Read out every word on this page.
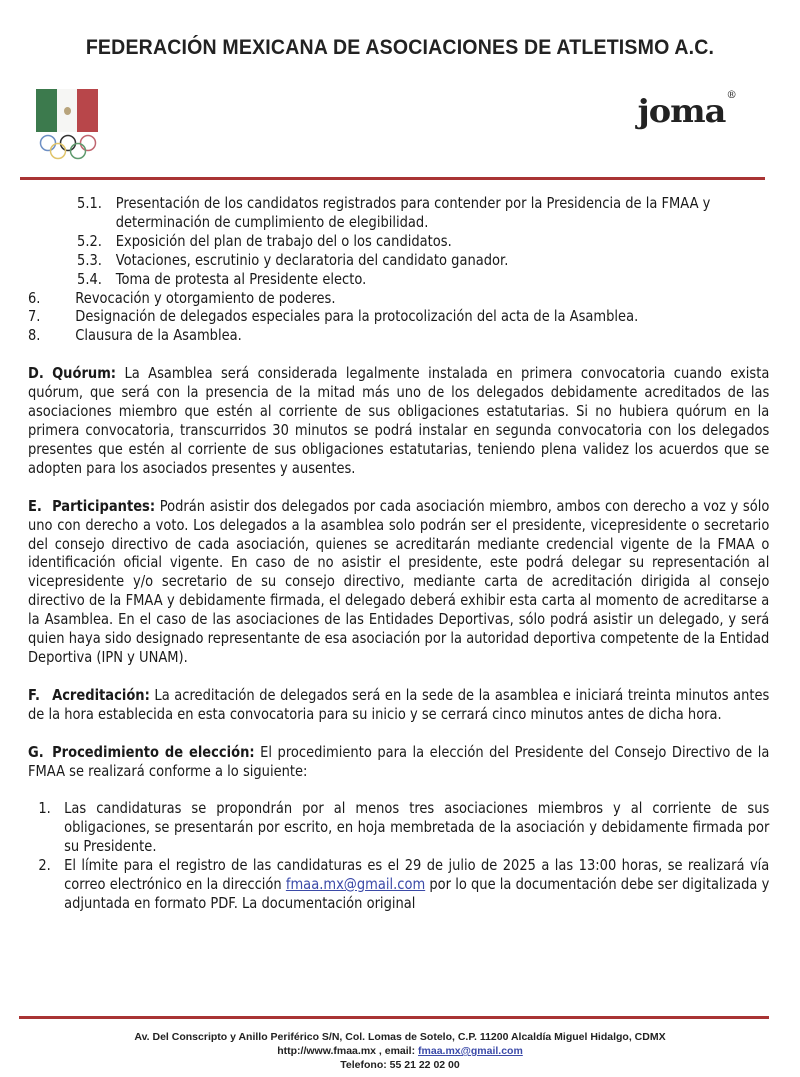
FEDERACIÓN MEXICANA DE ASOCIACIONES DE ATLETISMO A.C.
joma®
5.1. Presentación de los candidatos registrados para contender por la Presidencia de la FMAA y determinación de cumplimiento de elegibilidad.
5.2. Exposición del plan de trabajo del o los candidatos.
5.3. Votaciones, escrutinio y declaratoria del candidato ganador.
5.4. Toma de protesta al Presidente electo.
6.	Revocación y otorgamiento de poderes.
7.	Designación de delegados especiales para la protocolización del acta de la Asamblea.
8.	Clausura de la Asamblea.

D. Quórum: La Asamblea será considerada legalmente instalada en primera convocatoria cuando exista quórum, que será con la presencia de la mitad más uno de los delegados debidamente acreditados de las asociaciones miembro que estén al corriente de sus obligaciones estatutarias. Si no hubiera quórum en la primera convocatoria, transcurridos 30 minutos se podrá instalar en segunda convocatoria con los delegados presentes que estén al corriente de sus obligaciones estatutarias, teniendo plena validez los acuerdos que se adopten para los asociados presentes y ausentes.

E. Participantes: Podrán asistir dos delegados por cada asociación miembro, ambos con derecho a voz y sólo uno con derecho a voto. Los delegados a la asamblea solo podrán ser el presidente, vicepresidente o secretario del consejo directivo de cada asociación, quienes se acreditarán mediante credencial vigente de la FMAA o identificación oficial vigente. En caso de no asistir el presidente, este podrá delegar su representación al vicepresidente y/o secretario de su consejo directivo, mediante carta de acreditación dirigida al consejo directivo de la FMAA y debidamente firmada, el delegado deberá exhibir esta carta al momento de acreditarse a la Asamblea. En el caso de las asociaciones de las Entidades Deportivas, sólo podrá asistir un delegado, y será quien haya sido designado representante de esa asociación por la autoridad deportiva competente de la Entidad Deportiva (IPN y UNAM).

F. Acreditación: La acreditación de delegados será en la sede de la asamblea e iniciará treinta minutos antes de la hora establecida en esta convocatoria para su inicio y se cerrará cinco minutos antes de dicha hora.

G. Procedimiento de elección: El procedimiento para la elección del Presidente del Consejo Directivo de la FMAA se realizará conforme a lo siguiente:

1. Las candidaturas se propondrán por al menos tres asociaciones miembros y al corriente de sus obligaciones, se presentarán por escrito, en hoja membretada de la asociación y debidamente firmada por su Presidente.
2. El límite para el registro de las candidaturas es el 29 de julio de 2025 a las 13:00 horas, se realizará vía correo electrónico en la dirección fmaa.mx@gmail.com por lo que la documentación debe ser digitalizada y adjuntada en formato PDF. La documentación original
Av. Del Conscripto y Anillo Periférico S/N, Col. Lomas de Sotelo, C.P. 11200 Alcaldía Miguel Hidalgo, CDMX
http://www.fmaa.mx , email: fmaa.mx@gmail.com
Telefono: 55 21 22 02 00
